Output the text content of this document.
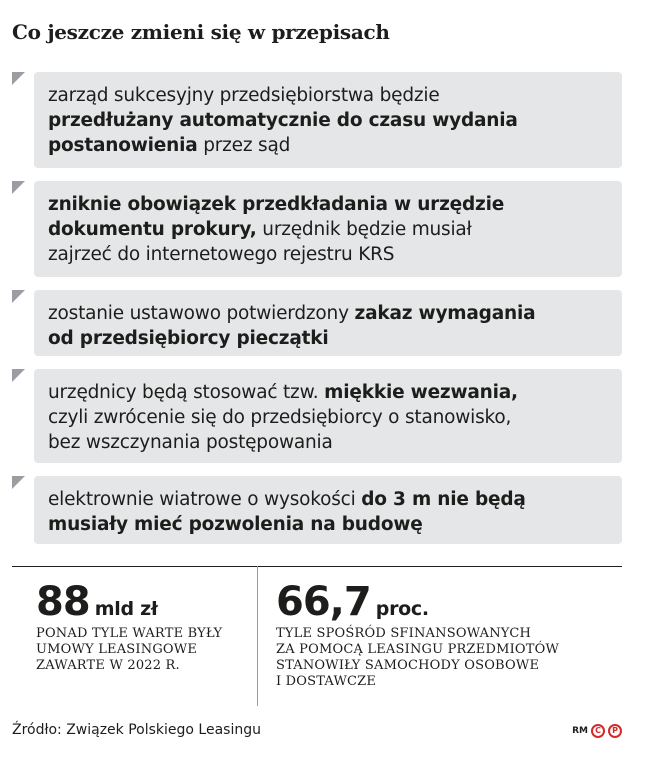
Co jeszcze zmieni się w przepisach
zarząd sukcesyjny przedsiębiorstwa będzie
przedłużany automatycznie do czasu wydania
postanowienia przez sąd
zniknie obowiązek przedkładania w urzędzie
dokumentu prokury, urzędnik będzie musiał
zajrzeć do internetowego rejestru KRS
zostanie ustawowo potwierdzony zakaz wymagania
od przedsiębiorcy pieczątki
urzędnicy będą stosować tzw. miękkie wezwania,
czyli zwrócenie się do przedsiębiorcy o stanowisko,
bez wszczynania postępowania
elektrownie wiatrowe o wysokości do 3 m nie będą
musiały mieć pozwolenia na budowę
88 mld zł
PONAD TYLE WARTE BYŁY
UMOWY LEASINGOWE
ZAWARTE W 2022 R.
66,7 proc.
TYLE SPOŚRÓD SFINANSOWANYCH
ZA POMOCĄ LEASINGU PRZEDMIOTÓW
STANOWIŁY SAMOCHODY OSOBOWE
I DOSTAWCZE
Źródło: Związek Polskiego Leasingu	RM C	P
